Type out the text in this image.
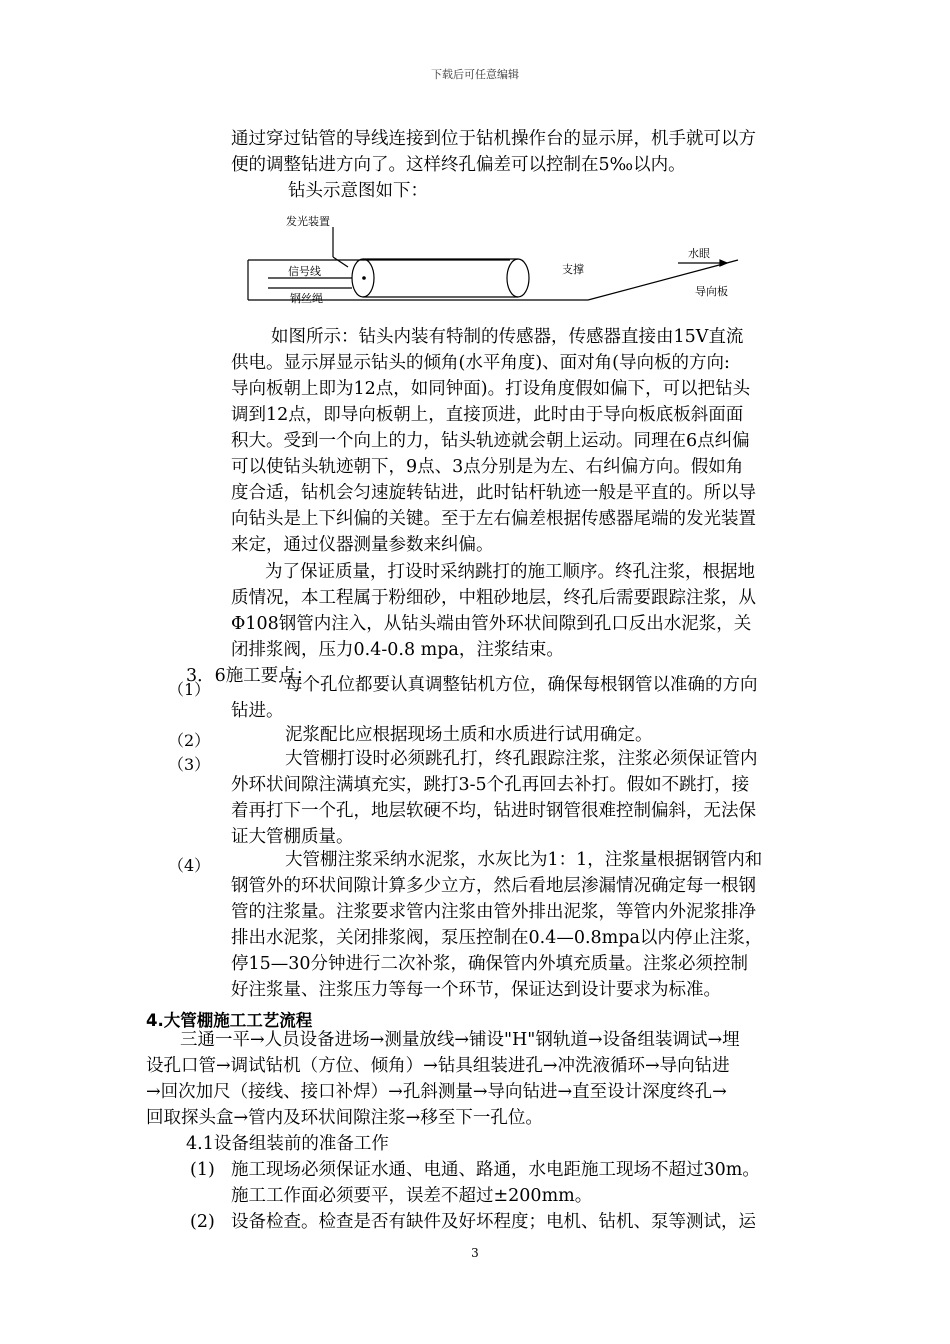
下载后可任意编辑
通过穿过钻管的导线连接到位于钻机操作台的显示屏，机手就可以方
便的调整钻进方向了。这样终孔偏差可以控制在5‰以内。
钻头示意图如下：
发光装置
信号线
钢丝绳
支撑
水眼
导向板
如图所示：钻头内装有特制的传感器，传感器直接由15V直流
供电。显示屏显示钻头的倾角(水平角度)、面对角(导向板的方向:
导向板朝上即为12点，如同钟面)。打设角度假如偏下，可以把钻头
调到12点，即导向板朝上，直接顶进，此时由于导向板底板斜面面
积大。受到一个向上的力，钻头轨迹就会朝上运动。同理在6点纠偏
可以使钻头轨迹朝下，9点、3点分别是为左、右纠偏方向。假如角
度合适，钻机会匀速旋转钻进，此时钻杆轨迹一般是平直的。所以导
向钻头是上下纠偏的关键。至于左右偏差根据传感器尾端的发光装置
来定，通过仪器测量参数来纠偏。
为了保证质量，打设时采纳跳打的施工顺序。终孔注浆，根据地
质情况，本工程属于粉细砂，中粗砂地层，终孔后需要跟踪注浆，从
Φ108钢管内注入，从钻头端由管外环状间隙到孔口反出水泥浆，关
闭排浆阀，压力0.4-0.8 mpa，注浆结束。
3．6施工要点：
（1）	每个孔位都要认真调整钻机方位，确保每根钢管以准确的方向
钻进。
（2）	泥浆配比应根据现场土质和水质进行试用确定。
（3）	大管棚打设时必须跳孔打，终孔跟踪注浆，注浆必须保证管内
外环状间隙注满填充实，跳打3-5个孔再回去补打。假如不跳打，接
着再打下一个孔，地层软硬不均，钻进时钢管很难控制偏斜，无法保
证大管棚质量。
（4）	大管棚注浆采纳水泥浆，水灰比为1：1，注浆量根据钢管内和
钢管外的环状间隙计算多少立方，然后看地层渗漏情况确定每一根钢
管的注浆量。注浆要求管内注浆由管外排出泥浆，等管内外泥浆排净
排出水泥浆，关闭排浆阀，泵压控制在0.4—0.8mpa以内停止注浆，
停15—30分钟进行二次补浆，确保管内外填充质量。注浆必须控制
好注浆量、注浆压力等每一个环节，保证达到设计要求为标准。
4.大管棚施工工艺流程
三通一平→人员设备进场→测量放线→铺设"H"钢轨道→设备组装调试→埋
设孔口管→调试钻机（方位、倾角）→钻具组装进孔→冲洗液循环→导向钻进
→回次加尺（接线、接口补焊）→孔斜测量→导向钻进→直至设计深度终孔→
回取探头盒→管内及环状间隙注浆→移至下一孔位。
4.1设备组装前的准备工作
(1) 施工现场必须保证水通、电通、路通，水电距施工现场不超过30m。
施工工作面必须要平，误差不超过±200mm。
(2) 设备检查。检查是否有缺件及好坏程度；电机、钻机、泵等测试，运
3
